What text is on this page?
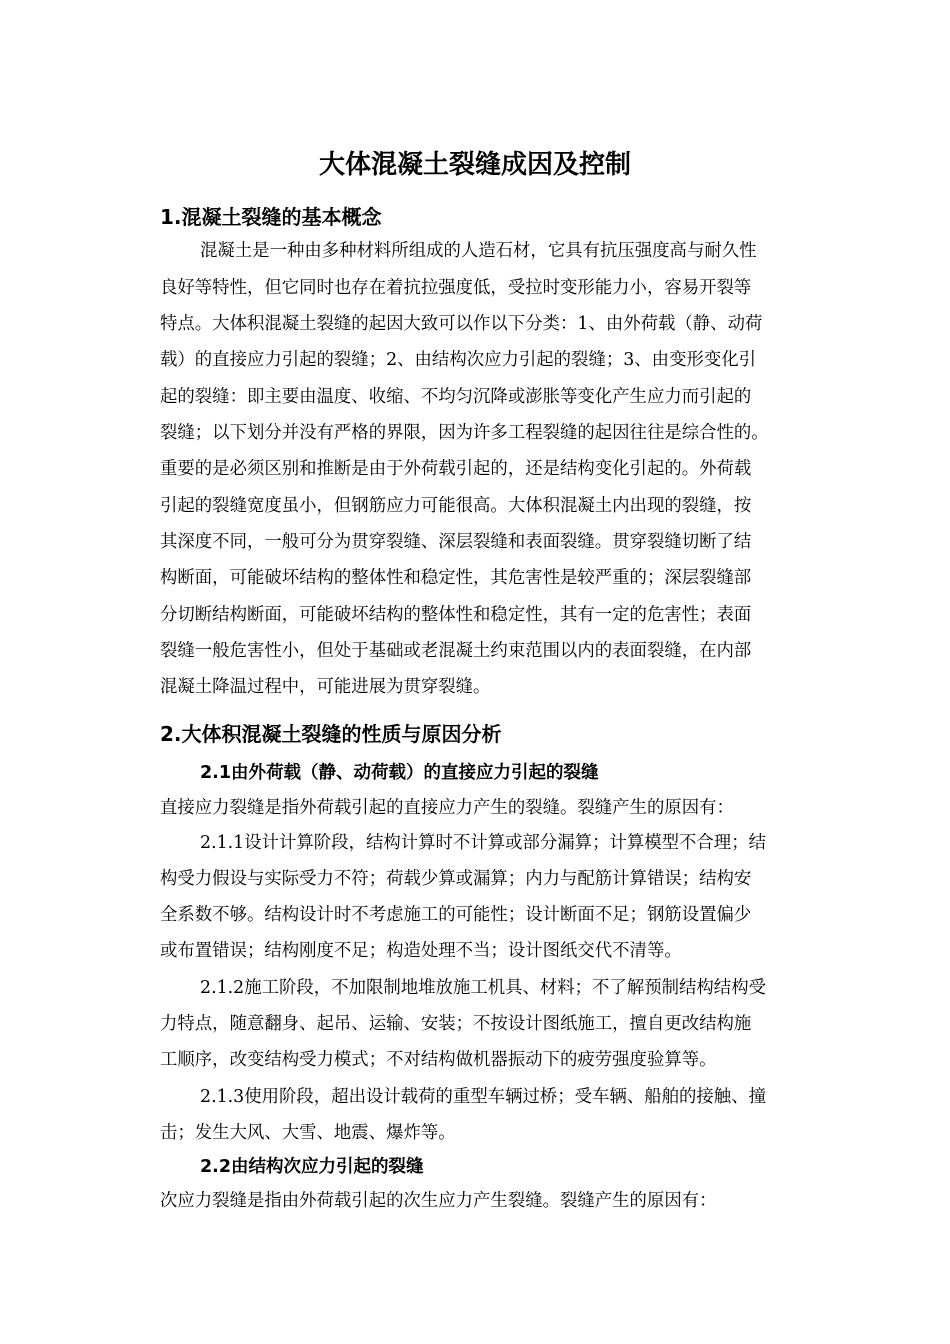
大体混凝土裂缝成因及控制
1.混凝土裂缝的基本概念
混凝土是一种由多种材料所组成的人造石材，它具有抗压强度高与耐久性
良好等特性，但它同时也存在着抗拉强度低，受拉时变形能力小，容易开裂等
特点。大体积混凝土裂缝的起因大致可以作以下分类：1、由外荷载（静、动荷
载）的直接应力引起的裂缝；2、由结构次应力引起的裂缝；3、由变形变化引
起的裂缝：即主要由温度、收缩、不均匀沉降或澎胀等变化产生应力而引起的
裂缝；以下划分并没有严格的界限，因为许多工程裂缝的起因往往是综合性的。
重要的是必须区别和推断是由于外荷载引起的，还是结构变化引起的。外荷载
引起的裂缝宽度虽小，但钢筋应力可能很高。大体积混凝土内出现的裂缝，按
其深度不同，一般可分为贯穿裂缝、深层裂缝和表面裂缝。贯穿裂缝切断了结
构断面，可能破坏结构的整体性和稳定性，其危害性是较严重的；深层裂缝部
分切断结构断面，可能破坏结构的整体性和稳定性，其有一定的危害性；表面
裂缝一般危害性小，但处于基础或老混凝土约束范围以内的表面裂缝，在内部
混凝土降温过程中，可能进展为贯穿裂缝。
2.大体积混凝土裂缝的性质与原因分析
2.1由外荷载（静、动荷载）的直接应力引起的裂缝
直接应力裂缝是指外荷载引起的直接应力产生的裂缝。裂缝产生的原因有：
2.1.1设计计算阶段，结构计算时不计算或部分漏算；计算模型不合理；结
构受力假设与实际受力不符；荷载少算或漏算；内力与配筋计算错误；结构安
全系数不够。结构设计时不考虑施工的可能性；设计断面不足；钢筋设置偏少
或布置错误；结构刚度不足；构造处理不当；设计图纸交代不清等。
2.1.2施工阶段，不加限制地堆放施工机具、材料；不了解预制结构结构受
力特点，随意翻身、起吊、运输、安装；不按设计图纸施工，擅自更改结构施
工顺序，改变结构受力模式；不对结构做机器振动下的疲劳强度验算等。
2.1.3使用阶段，超出设计载荷的重型车辆过桥；受车辆、船舶的接触、撞
击；发生大风、大雪、地震、爆炸等。
2.2由结构次应力引起的裂缝
次应力裂缝是指由外荷载引起的次生应力产生裂缝。裂缝产生的原因有：
